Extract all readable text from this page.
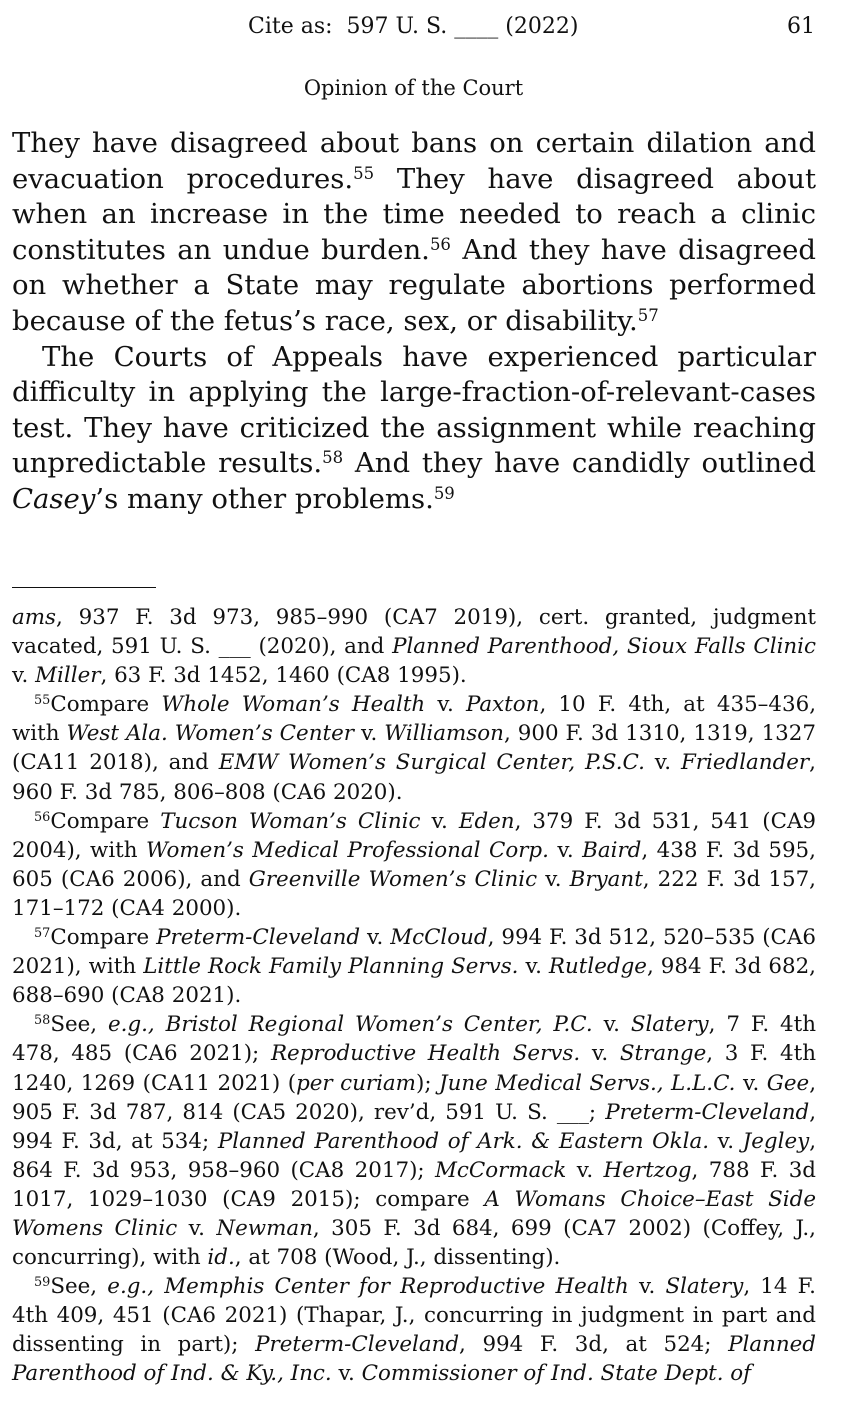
Cite as:  597 U. S. ____ (2022)	61
Opinion of the Court

They have disagreed about bans on certain dilation and evacuation procedures.$^{55}$ They have disagreed about when an increase in the time needed to reach a clinic constitutes an undue burden.$^{56}$ And they have disagreed on whether a State may regulate abortions performed because of the fetus’s race, sex, or disability.$^{57}$

The Courts of Appeals have experienced particular difficulty in applying the large-fraction-of-relevant-cases test. They have criticized the assignment while reaching unpredictable results.$^{58}$ And they have candidly outlined Casey’s many other problems.$^{59}$

ams, 937 F. 3d 973, 985–990 (CA7 2019), cert. granted, judgment vacated, 591 U. S. ___ (2020), and Planned Parenthood, Sioux Falls Clinic v. Miller, 63 F. 3d 1452, 1460 (CA8 1995).

$^{55}$Compare Whole Woman’s Health v. Paxton, 10 F. 4th, at 435–436, with West Ala. Women’s Center v. Williamson, 900 F. 3d 1310, 1319, 1327 (CA11 2018), and EMW Women’s Surgical Center, P.S.C. v. Friedlander, 960 F. 3d 785, 806–808 (CA6 2020).

$^{56}$Compare Tucson Woman’s Clinic v. Eden, 379 F. 3d 531, 541 (CA9 2004), with Women’s Medical Professional Corp. v. Baird, 438 F. 3d 595, 605 (CA6 2006), and Greenville Women’s Clinic v. Bryant, 222 F. 3d 157, 171–172 (CA4 2000).

$^{57}$Compare Preterm-Cleveland v. McCloud, 994 F. 3d 512, 520–535 (CA6 2021), with Little Rock Family Planning Servs. v. Rutledge, 984 F. 3d 682, 688–690 (CA8 2021).

$^{58}$See, e.g., Bristol Regional Women’s Center, P.C. v. Slatery, 7 F. 4th 478, 485 (CA6 2021); Reproductive Health Servs. v. Strange, 3 F. 4th 1240, 1269 (CA11 2021) (per curiam); June Medical Servs., L.L.C. v. Gee, 905 F. 3d 787, 814 (CA5 2020), rev’d, 591 U. S. ___; Preterm-Cleveland, 994 F. 3d, at 534; Planned Parenthood of Ark. & Eastern Okla. v. Jegley, 864 F. 3d 953, 958–960 (CA8 2017); McCormack v. Hertzog, 788 F. 3d 1017, 1029–1030 (CA9 2015); compare A Womans Choice–East Side Womens Clinic v. Newman, 305 F. 3d 684, 699 (CA7 2002) (Coffey, J., concurring), with id., at 708 (Wood, J., dissenting).

$^{59}$See, e.g., Memphis Center for Reproductive Health v. Slatery, 14 F. 4th 409, 451 (CA6 2021) (Thapar, J., concurring in judgment in part and dissenting in part); Preterm-Cleveland, 994 F. 3d, at 524; Planned Parenthood of Ind. & Ky., Inc. v. Commissioner of Ind. State Dept. of
